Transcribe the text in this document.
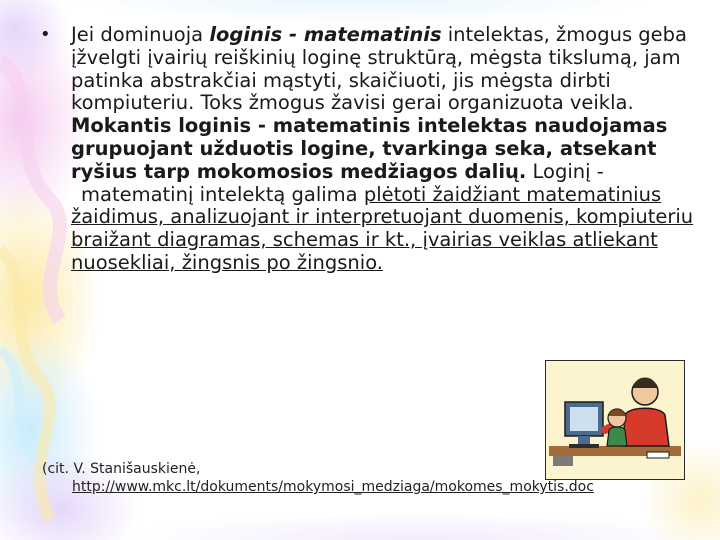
• Jei dominuoja loginis - matematinis intelektas, žmogus geba įžvelgti įvairių reiškinių loginę struktūrą, mėgsta tikslumą, jam patinka abstrakčiai mąstyti, skaičiuoti, jis mėgsta dirbti kompiuteriu. Toks žmogus žavisi gerai organizuota veikla. Mokantis loginis - matematinis intelektas naudojamas grupuojant užduotis logine, tvarkinga seka, atsekant ryšius tarp mokomosios medžiagos dalių. Loginį -
matematinį intelektą galima plėtoti žaidžiant matematinius žaidimus, analizuojant ir interpretuojant duomenis, kompiuteriu braižant diagramas, schemas ir kt., įvairias veiklas atliekant nuosekliai, žingsnis po žingsnio.
(cit. V. Stanišauskienė,
http://www.mkc.lt/dokuments/mokymosi_medziaga/mokomes_mokytis.doc
